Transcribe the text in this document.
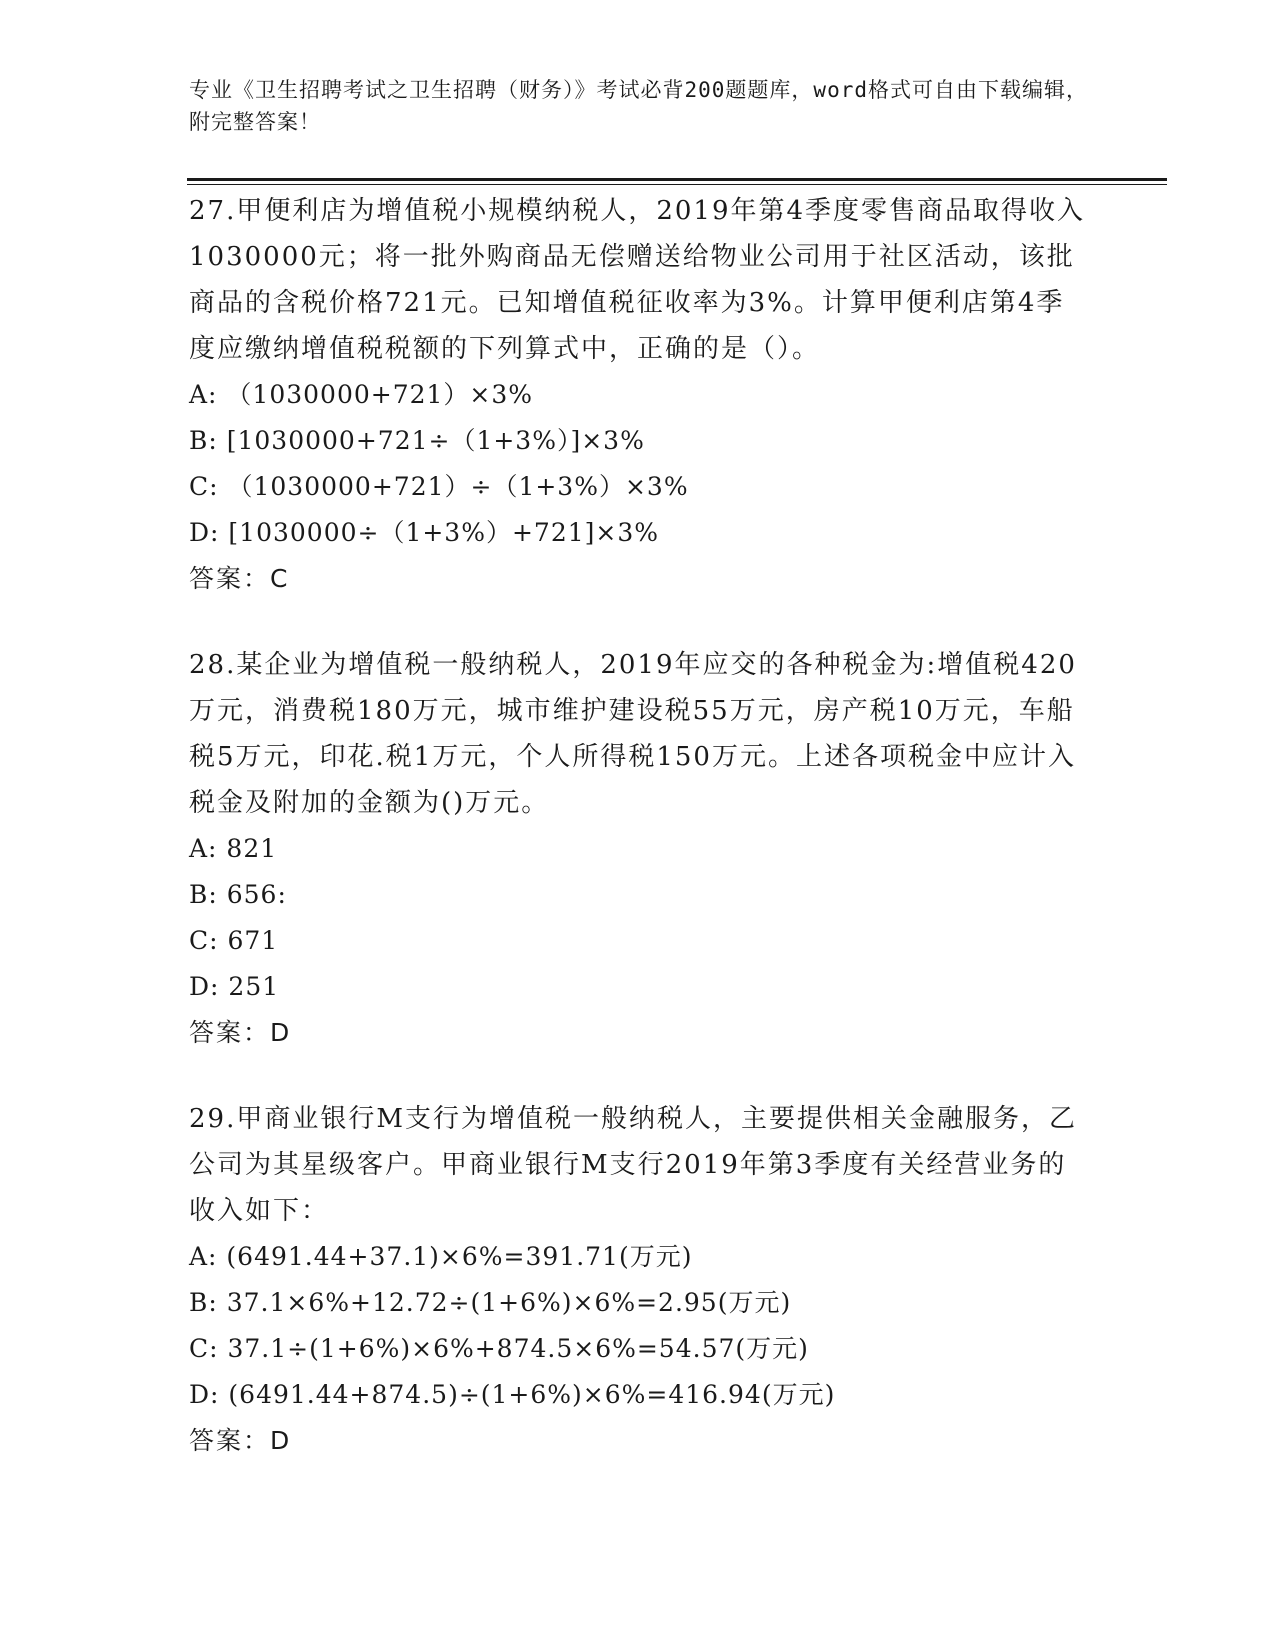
专业《卫生招聘考试之卫生招聘（财务）》考试必背200题题库，word格式可自由下载编辑，附完整答案！

27.甲便利店为增值税小规模纳税人，2019年第4季度零售商品取得收入1030000元；将一批外购商品无偿赠送给物业公司用于社区活动，该批商品的含税价格721元。已知增值税征收率为3%。计算甲便利店第4季度应缴纳增值税税额的下列算式中，正确的是（）。

A: （1030000+721）×3%

B: [1030000+721÷（1+3%）]×3%

C: （1030000+721）÷（1+3%）×3%

D: [1030000÷（1+3%）+721]×3%

答案：C

28.某企业为增值税一般纳税人，2019年应交的各种税金为:增值税420万元，消费税180万元，城市维护建设税55万元，房产税10万元，车船税5万元，印花.税1万元，个人所得税150万元。上述各项税金中应计入税金及附加的金额为()万元。

A: 821

B: 656:

C: 671

D: 251

答案：D

29.甲商业银行M支行为增值税一般纳税人，主要提供相关金融服务，乙公司为其星级客户。甲商业银行M支行2019年第3季度有关经营业务的收入如下：

A: (6491.44+37.1)×6%=391.71(万元)

B: 37.1×6%+12.72÷(1+6%)×6%=2.95(万元)

C: 37.1÷(1+6%)×6%+874.5×6%=54.57(万元)

D: (6491.44+874.5)÷(1+6%)×6%=416.94(万元)

答案：D
